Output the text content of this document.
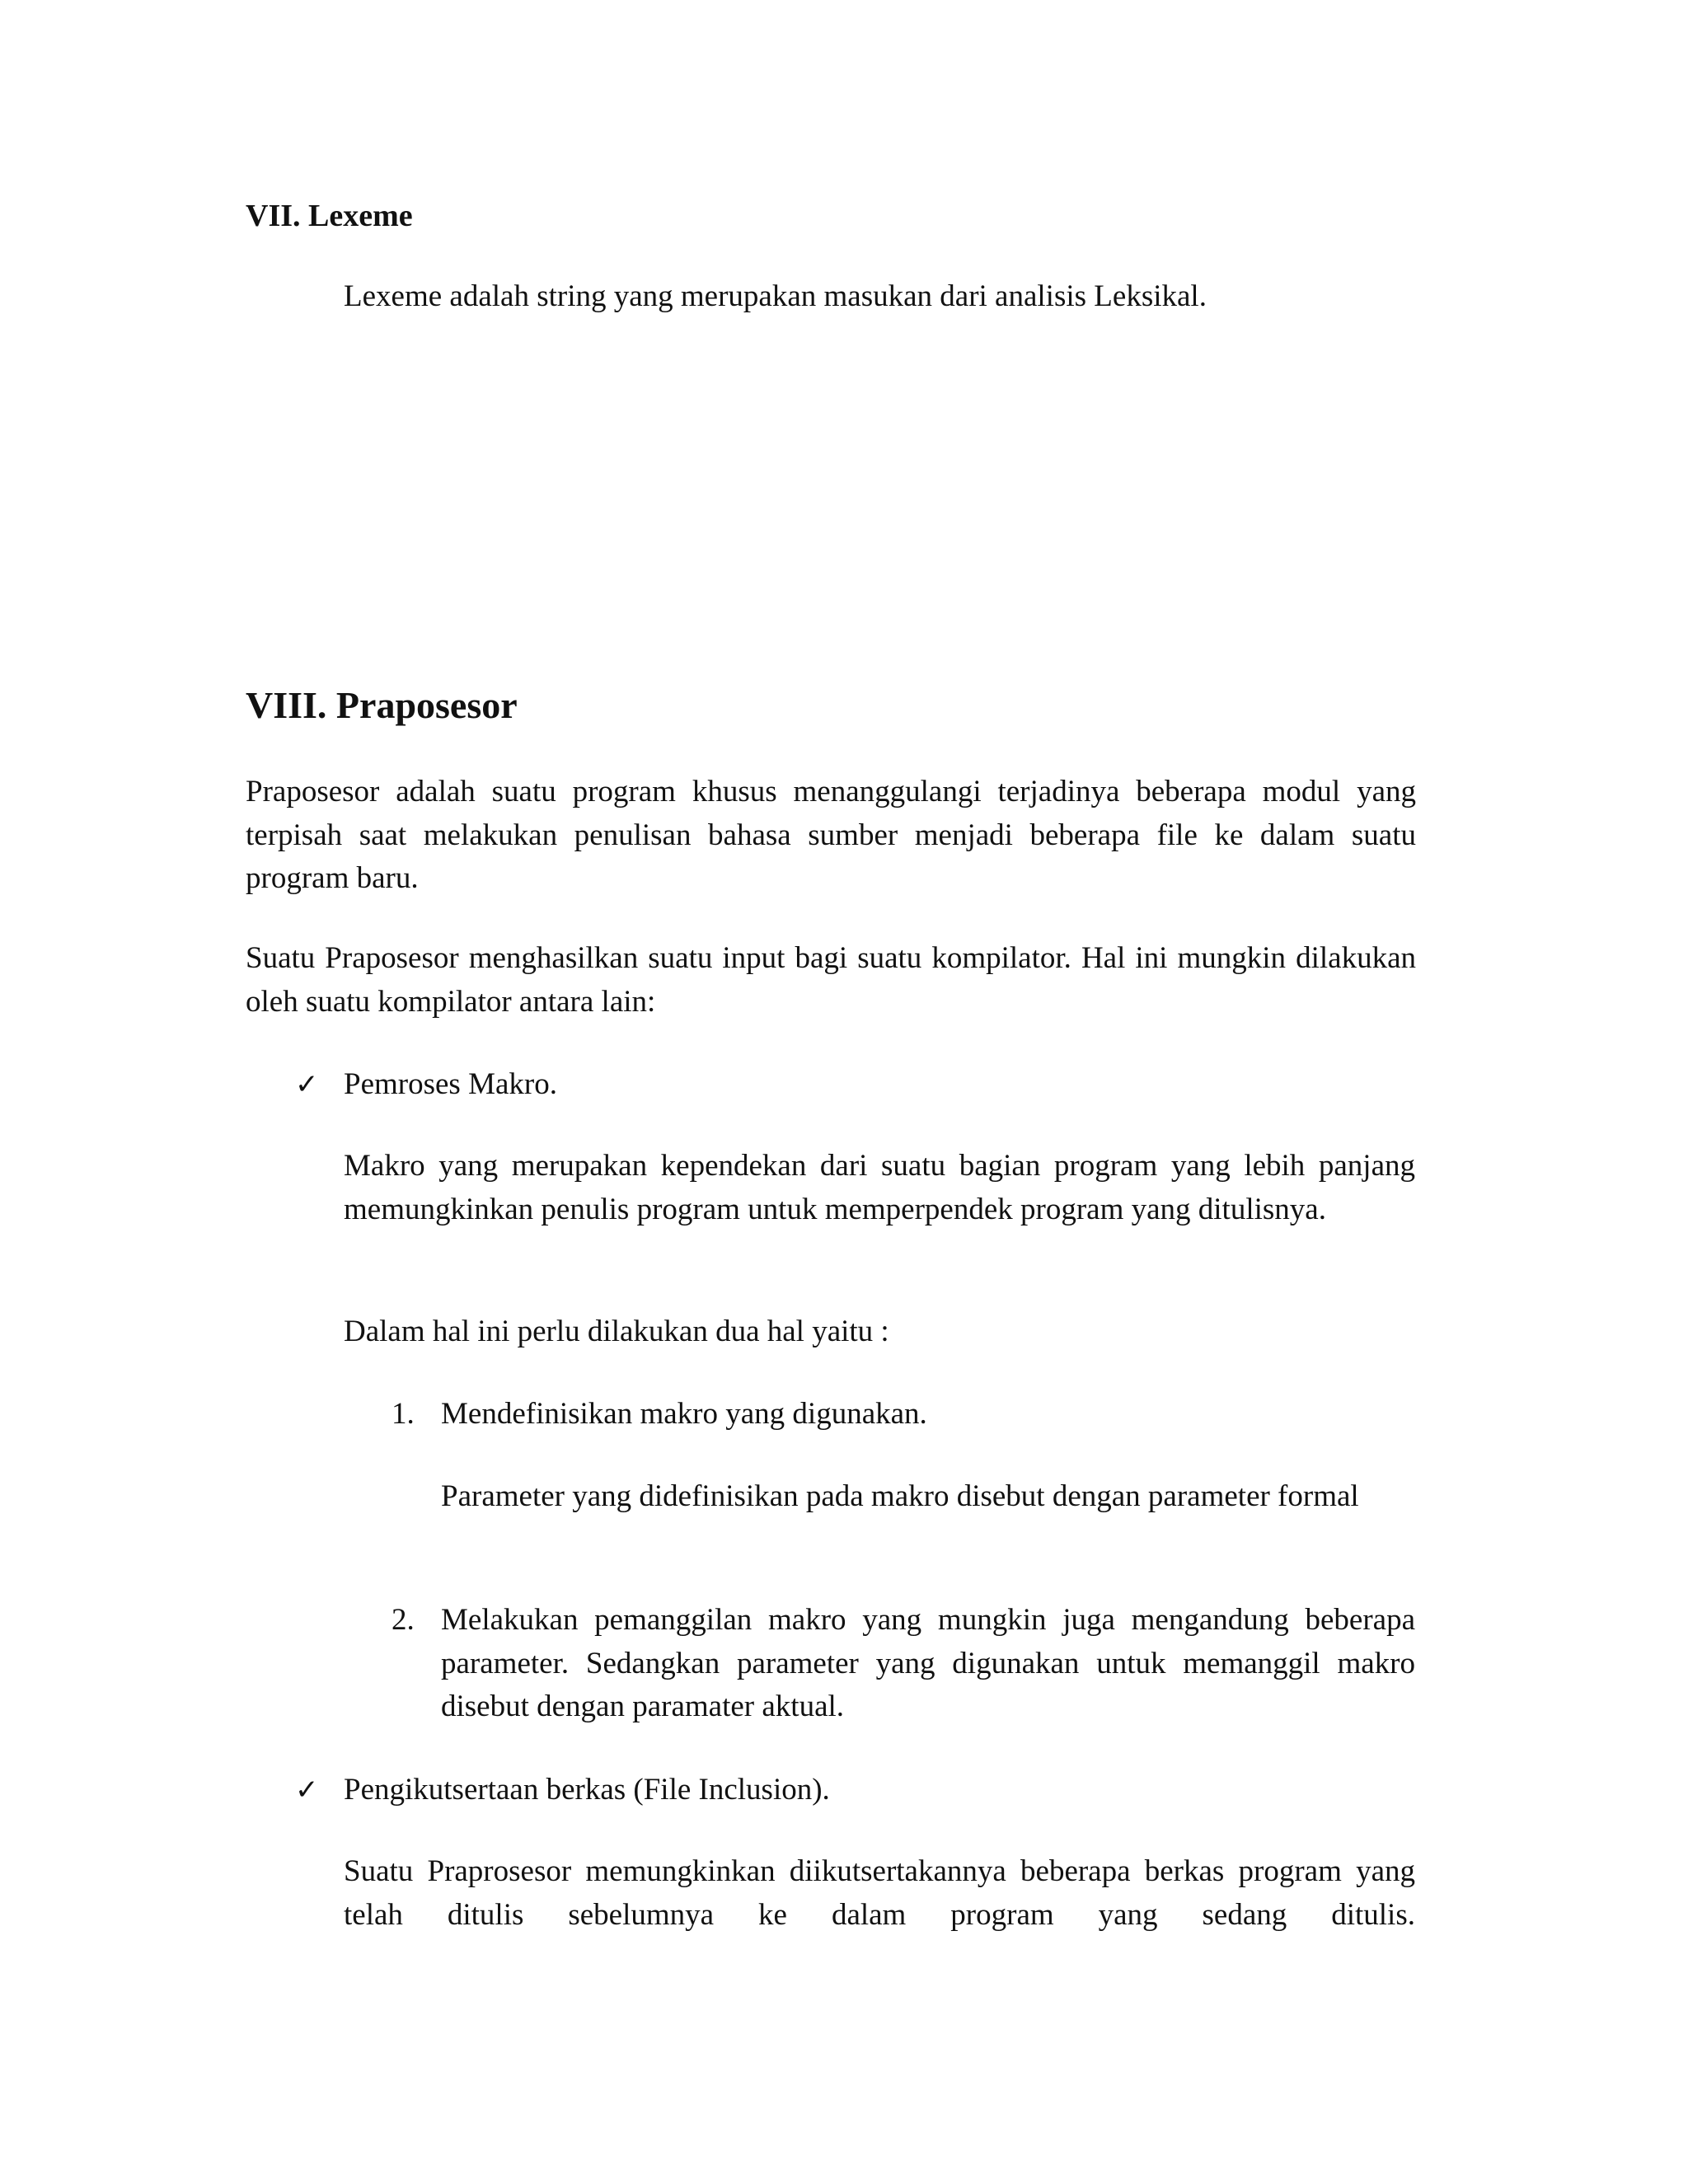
VII. Lexeme

Lexeme adalah string yang merupakan masukan dari analisis Leksikal.

VIII. Praposesor

Praposesor adalah suatu program khusus menanggulangi terjadinya beberapa modul yang terpisah saat melakukan penulisan bahasa sumber menjadi beberapa file ke dalam suatu program baru.

Suatu Praposesor menghasilkan suatu input bagi suatu kompilator. Hal ini mungkin dilakukan oleh suatu kompilator antara lain:

✓ Pemroses Makro.

Makro yang merupakan kependekan dari suatu bagian program yang lebih panjang memungkinkan penulis program untuk memperpendek program yang ditulisnya.

Dalam hal ini perlu dilakukan dua hal yaitu :

1. Mendefinisikan makro yang digunakan.

Parameter yang didefinisikan pada makro disebut dengan parameter formal

2. Melakukan pemanggilan makro yang mungkin juga mengandung beberapa parameter. Sedangkan parameter yang digunakan untuk memanggil makro disebut dengan paramater aktual.

✓ Pengikutsertaan berkas (File Inclusion).

Suatu Praprosesor memungkinkan diikutsertakannya beberapa berkas program yang telah ditulis sebelumnya ke dalam program yang sedang ditulis.
